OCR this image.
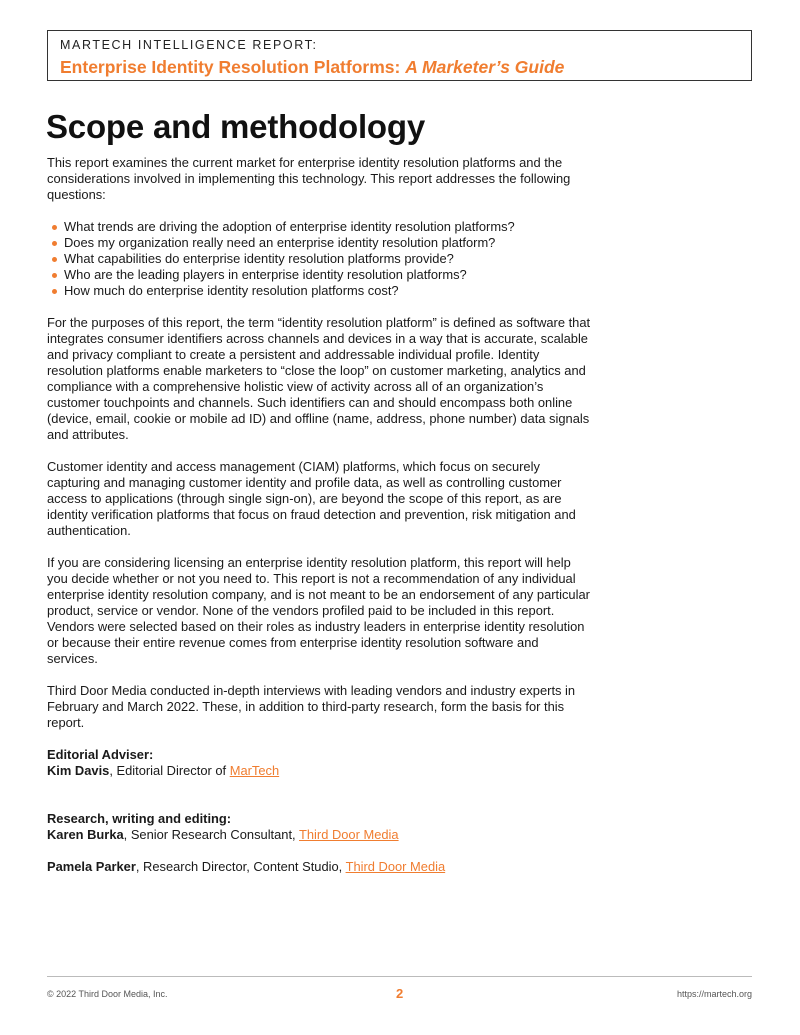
MARTECH INTELLIGENCE REPORT:
Enterprise Identity Resolution Platforms: A Marketer’s Guide
Scope and methodology

This report examines the current market for enterprise identity resolution platforms and the considerations involved in implementing this technology. This report addresses the following questions:

What trends are driving the adoption of enterprise identity resolution platforms?
Does my organization really need an enterprise identity resolution platform?
What capabilities do enterprise identity resolution platforms provide?
Who are the leading players in enterprise identity resolution platforms?
How much do enterprise identity resolution platforms cost?

For the purposes of this report, the term “identity resolution platform” is defined as software that integrates consumer identifiers across channels and devices in a way that is accurate, scalable and privacy compliant to create a persistent and addressable individual profile. Identity resolution platforms enable marketers to “close the loop” on customer marketing, analytics and compliance with a comprehensive holistic view of activity across all of an organization’s customer touchpoints and channels. Such identifiers can and should encompass both online (device, email, cookie or mobile ad ID) and offline (name, address, phone number) data signals and attributes.

Customer identity and access management (CIAM) platforms, which focus on securely capturing and managing customer identity and profile data, as well as controlling customer access to applications (through single sign-on), are beyond the scope of this report, as are identity verification platforms that focus on fraud detection and prevention, risk mitigation and authentication.

If you are considering licensing an enterprise identity resolution platform, this report will help you decide whether or not you need to. This report is not a recommendation of any individual enterprise identity resolution company, and is not meant to be an endorsement of any particular product, service or vendor. None of the vendors profiled paid to be included in this report. Vendors were selected based on their roles as industry leaders in enterprise identity resolution or because their entire revenue comes from enterprise identity resolution software and services.

Third Door Media conducted in-depth interviews with leading vendors and industry experts in February and March 2022. These, in addition to third-party research, form the basis for this report.

Editorial Adviser:

Kim Davis, Editorial Director of MarTech

Research, writing and editing:

Karen Burka, Senior Research Consultant, Third Door Media

Pamela Parker, Research Director, Content Studio, Third Door Media

© 2022 Third Door Media, Inc.	2	https://martech.org
